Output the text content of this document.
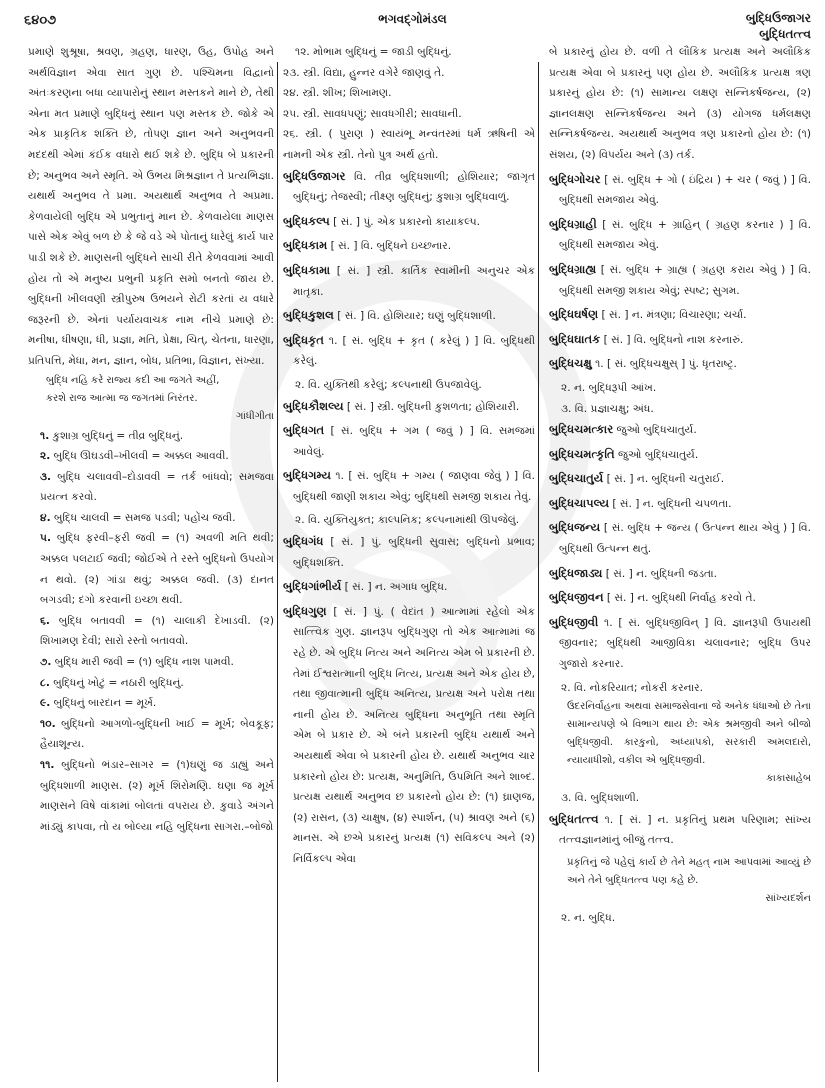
૬૪૦૭	ભગવદ્ગોમંડલ	બુદ્ધિઉજાગર
બુદ્ધિતત્ત્વ

પ્રમાણે શુશ્રૂષા, શ્રવણ, ગ્રહણ, ધારણ, ઉહ, ઉપોહ અને અર્થવિજ્ઞાન એવા સાત ગુણ છે. પશ્ચિમના વિદ્વાનો અંતઃકરણના બધા વ્યાપારોનું સ્થાન મસ્તકને માને છે, તેથી એના મત પ્રમાણે બુદ્ધિનું સ્થાન પણ મસ્તક છે. જોકે એ એક પ્રાકૃતિક શક્તિ છે, તોપણ જ્ઞાન અને અનુભવની મદદથી એમાં કંઈક વધારો થઈ શકે છે. બુદ્ધિ બે પ્રકારની છે; અનુભવ અને સ્મૃતિ. એ ઉભય મિશ્રજ્ઞાન તે પ્રત્યભિજ્ઞા. યથાર્થ અનુભવ તે પ્રમા. અયથાર્થ અનુભવ તે અપ્રમા. કેળવાયેલી બુદ્ધિ એ પ્રભુતાનું માન છે. કેળવાયેલા માણસ પાસે એક એવું બળ છે કે જે વડે એ પોતાનું ધારેલું કાર્ય પાર પાડી શકે છે. માણસની બુદ્ધિને સાચી રીતે કેળવવામાં આવી હોય તો એ મનુષ્ય પ્રભુની પ્રકૃતિ સમો બનતો જાય છે. બુદ્ધિની ખીલવણી સ્ત્રીપુરુષ ઉભયને રોટી કરતાં ય વધારે જરૂરની છે. એનાં પર્યાયવાચક નામ નીચે પ્રમાણે છે: મનીષા, ધીષણા, ધી, પ્રજ્ઞા, મતિ, પ્રેક્ષા, ચિત્, ચેતના, ધારણા, પ્રતિપત્તિ, મેધા, મન, જ્ઞાન, બોધ, પ્રતિભા, વિજ્ઞાન, સંખ્યા.

બુદ્ધિ નહિ કરે રાજ્ય કદી આ જગતે અહીં,
કરશે રાજ આત્મા જ જગતમાં નિરંતર.
ગાંધીગીતા

૧. કુશાગ્ર બુદ્ધિનું = તીવ્ર બુદ્ધિનું.

૨. બુદ્ધિ ઊઘડવી–ખીલવી = અક્કલ આવવી.

૩. બુદ્ધિ ચલાવવી–દોડાવવી = તર્ક બાંધવો; સમજવા પ્રયત્ન કરવો.

૪. બુદ્ધિ ચાલવી = સમજ પડવી; પહોંચ જવી.

૫. બુદ્ધિ ફરવી–ફરી જવી = (૧) અવળી મતિ થવી; અક્કલ પલટાઈ જવી; જોઈએ તે રસ્તે બુદ્ધિનો ઉપયોગ ન થવો. (૨) ગાંડા થવું; અક્કલ જવી. (૩) દાનત બગડવી; દગો કરવાની ઇચ્છા થવી.

૬. બુદ્ધિ બતાવવી = (૧) ચાલાકી દેખાડવી. (૨) શિખામણ દેવી; સારો રસ્તો બતાવવો.

૭. બુદ્ધિ મારી જવી = (૧) બુદ્ધિ નાશ પામવી.

૮. બુદ્ધિનું ખોટું = નઠારી બુદ્ધિનું.

૯. બુદ્ધિનું બારદાન = મૂર્ખ.

૧૦. બુદ્ધિનો આગળો-બુદ્ધિની ખાઈ = મૂર્ખ; બેવકૂફ; હૈયાશૂન્ય.

૧૧. બુદ્ધિનો ભંડાર–સાગર = (૧)ઘણું જ ડાહ્યું અને બુદ્ધિશાળી માણસ. (૨) મૂર્ખ શિરોમણિ. ઘણા જ મૂર્ખ માણસને વિષે વાંકામાં બોલતાં વપરાય છે. કુવાડે અંગને માંડ્યું કાપવા, તો ય બોલ્યા નહિ બુદ્ધિના સાગરા.–બોજો

૧૨. મોભામ બુદ્ધિનું = જાડી બુદ્ધિનું.

૨૩. સ્ત્રી. વિદ્યા, હુન્નર વગેરે જાણવું તે.

૨૪. સ્ત્રી. શીખ; શિખામણ.

૨૫. સ્ત્રી. સાવધપણું; સાવધગીરી; સાવધાની.

૨૬. સ્ત્રી. ( પુરાણ ) સ્વાયંભૂ મન્વંતરમાં ધર્મ ઋષિની એ નામની એક સ્ત્રી. તેનો પુત્ર અર્થ હતો.

બુદ્ધિઉજાગર વિ. તીવ્ર બુદ્ધિશાળી; હોશિયાર; જાગૃત બુદ્ધિનું; તેજસ્વી; તીક્ષ્ણ બુદ્ધિનું; કુશાગ્ર બુદ્ધિવાળું.

બુદ્ધિકલ્પ [ સં. ] પું. એક પ્રકારનો કાયાકલ્પ.

બુદ્ધિકામ [ સં. ] વિ. બુદ્ધિને ઇચ્છનાર.

બુદ્ધિકામા [ સં. ] સ્ત્રી. કાર્તિક સ્વામીની અનુચર એક માતૃકા.

બુદ્ધિકુશલ [ સં. ] વિ. હોશિયાર; ઘણું બુદ્ધિશાળી.

બુદ્ધિકૃત ૧. [ સં. બુદ્ધિ + કૃત ( કરેલું ) ] વિ. બુદ્ધિથી કરેલું.

૨. વિ. યુક્તિથી કરેલું; કલ્પનાથી ઉપજાવેલું.

બુદ્ધિકૌશલ્ય [ સં. ] સ્ત્રી. બુદ્ધિની કુશળતા; હોશિયારી.

બુદ્ધિગત [ સં. બુદ્ધિ + ગમ ( જવું ) ] વિ. સમજમાં આવેલું.

બુદ્ધિગમ્ય ૧. [ સં. બુદ્ધિ + ગમ્ય ( જાણવા જેવું ) ] વિ. બુદ્ધિથી જાણી શકાય એવું; બુદ્ધિથી સમજી શકાય તેવું.

૨. વિ. યુક્તિયુક્ત; કાલ્પનિક; કલ્પનામાંથી ઊપજેલું.

બુદ્ધિગંધ [ સં. ] પું. બુદ્ધિની સુવાસ; બુદ્ધિનો પ્રભાવ; બુદ્ધિશક્તિ.

બુદ્ધિગાંભીર્ય [ સં. ] ન. અગાધ બુદ્ધિ.

બુદ્ધિગુણ [ સં. ] પું. ( વેદાંત ) આત્મામાં રહેલો એક સાત્ત્વિક ગુણ. જ્ઞાનરૂપ બુદ્ધિગુણ તો એક આત્મામાં જ રહે છે. એ બુદ્ધિ નિત્ય અને અનિત્ય એમ બે પ્રકારની છે. તેમાં ઈશ્વરાત્માની બુદ્ધિ નિત્ય, પ્રત્યક્ષ અને એક હોય છે, તથા જીવાત્માની બુદ્ધિ અનિત્ય, પ્રત્યક્ષ અને પરોક્ષ તથા નાની હોય છે. અનિત્ય બુદ્ધિના અનુભૂતિ તથા સ્મૃતિ એમ બે પ્રકાર છે. એ બંને પ્રકારની બુદ્ધિ યથાર્થ અને અયથાર્થ એવા બે પ્રકારની હોય છે. યથાર્થ અનુભવ ચાર પ્રકારનો હોય છે: પ્રત્યક્ષ, અનુમિતિ, ઉપમિતિ અને શાબ્દ. પ્રત્યક્ષ યથાર્થ અનુભવ છ પ્રકારનો હોય છે: (૧) ઘ્રાણજ, (૨) રાસન, (૩) ચાક્ષુષ, (૪) સ્પાર્શન, (૫) શ્રાવણ અને (૬) માનસ. એ છએ પ્રકારનું પ્રત્યક્ષ (૧) સવિકલ્પ અને (૨) નિર્વિકલ્પ એવા

બે પ્રકારનું હોય છે. વળી તે લૌકિક પ્રત્યક્ષ અને અલૌકિક પ્રત્યક્ષ એવા બે પ્રકારનું પણ હોય છે. અલૌકિક પ્રત્યક્ષ ત્રણ પ્રકારનું હોય છે: (૧) સામાન્ય લક્ષણ સન્નિકર્ષજન્ય, (૨) જ્ઞાનલક્ષણ સન્નિકર્ષજન્ય અને (૩) યોગજ ધર્મલક્ષણ સન્નિકર્ષજન્ય. અયથાર્થ અનુભવ ત્રણ પ્રકારનો હોય છે: (૧) સંશય, (૨) વિપર્યય અને (૩) તર્ક.

બુદ્ધિગોચર [ સં. બુદ્ધિ + ગો ( ઇંદ્રિય ) + ચર ( જવું ) ] વિ. બુદ્ધિથી સમજાય એવું.

બુદ્ધિગ્રાહી [ સં. બુદ્ધિ + ગ્રાહિન્ ( ગ્રહણ કરનાર ) ] વિ. બુદ્ધિથી સમજાય એવું.

બુદ્ધિગ્રાહ્ય [ સં. બુદ્ધિ + ગ્રાહ્ય ( ગ્રહણ કરાય એવું ) ] વિ. બુદ્ધિથી સમજી શકાય એવું; સ્પષ્ટ; સુગમ.

બુદ્ધિઘર્ષણ [ સં. ] ન. મંત્રણા; વિચારણા; ચર્ચા.

બુદ્ધિઘાતક [ સં. ] વિ. બુદ્ધિનો નાશ કરનારું.

બુદ્ધિચક્ષુ ૧. [ સં. બુદ્ધિચક્ષુસ્ ] પું. ધૃતરાષ્ટ્ર.

૨. ન. બુદ્ધિરૂપી આંખ.

૩. વિ. પ્રજ્ઞાચક્ષુ; અંધ.

બુદ્ધિચમત્કાર જુઓ બુદ્ધિચાતુર્ય.

બુદ્ધિચમત્કૃતિ જુઓ બુદ્ધિચાતુર્ય.

બુદ્ધિચાતુર્ય [ સં. ] ન. બુદ્ધિની ચતુરાઈ.

બુદ્ધિચાપલ્ય [ સં. ] ન. બુદ્ધિની ચપળતા.

બુદ્ધિજન્ય [ સં. બુદ્ધિ + જન્ય ( ઉત્પન્ન થાય એવું ) ] વિ. બુદ્ધિથી ઉત્પન્ન થતું.

બુદ્ધિજાડ્ય [ સં. ] ન. બુદ્ધિની જડતા.

બુદ્ધિજીવન [ સં. ] ન. બુદ્ધિથી નિર્વાહ કરવો તે.

બુદ્ધિજીવી ૧. [ સં. બુદ્ધિજીવિન્ ] વિ. જ્ઞાનરૂપી ઉપાયથી જીવનાર; બુદ્ધિથી આજીવિકા ચલાવનાર; બુદ્ધિ ઉપર ગુજારો કરનાર.

૨. વિ. નોકરિયાત; નોકરી કરનાર.

ઉદરનિર્વાહના અથવા સમાજસેવાના જે અનેક ધંધાઓ છે તેના સામાન્યપણે બે વિભાગ થાય છે: એક શ્રમજીવી અને બીજો બુદ્ધિજીવી. કારકુનો, અધ્યાપકો, સરકારી અમલદારો, ન્યાયાધીશો, વકીલ એ બુદ્ધિજીવી.
કાકાસાહેબ

૩. વિ. બુદ્ધિશાળી.

બુદ્ધિતત્ત્વ ૧. [ સં. ] ન. પ્રકૃતિનું પ્રથમ પરિણામ; સાંખ્ય તત્ત્વજ્ઞાનમાંનું બીજું તત્ત્વ.

પ્રકૃતિનું જે પહેલું કાર્ય છે તેને મહત્ નામ આપવામાં આવ્યું છે અને તેને બુદ્ધિતત્ત્વ પણ કહે છે.
સાંખ્યદર્શન

૨. ન. બુદ્ધિ.
